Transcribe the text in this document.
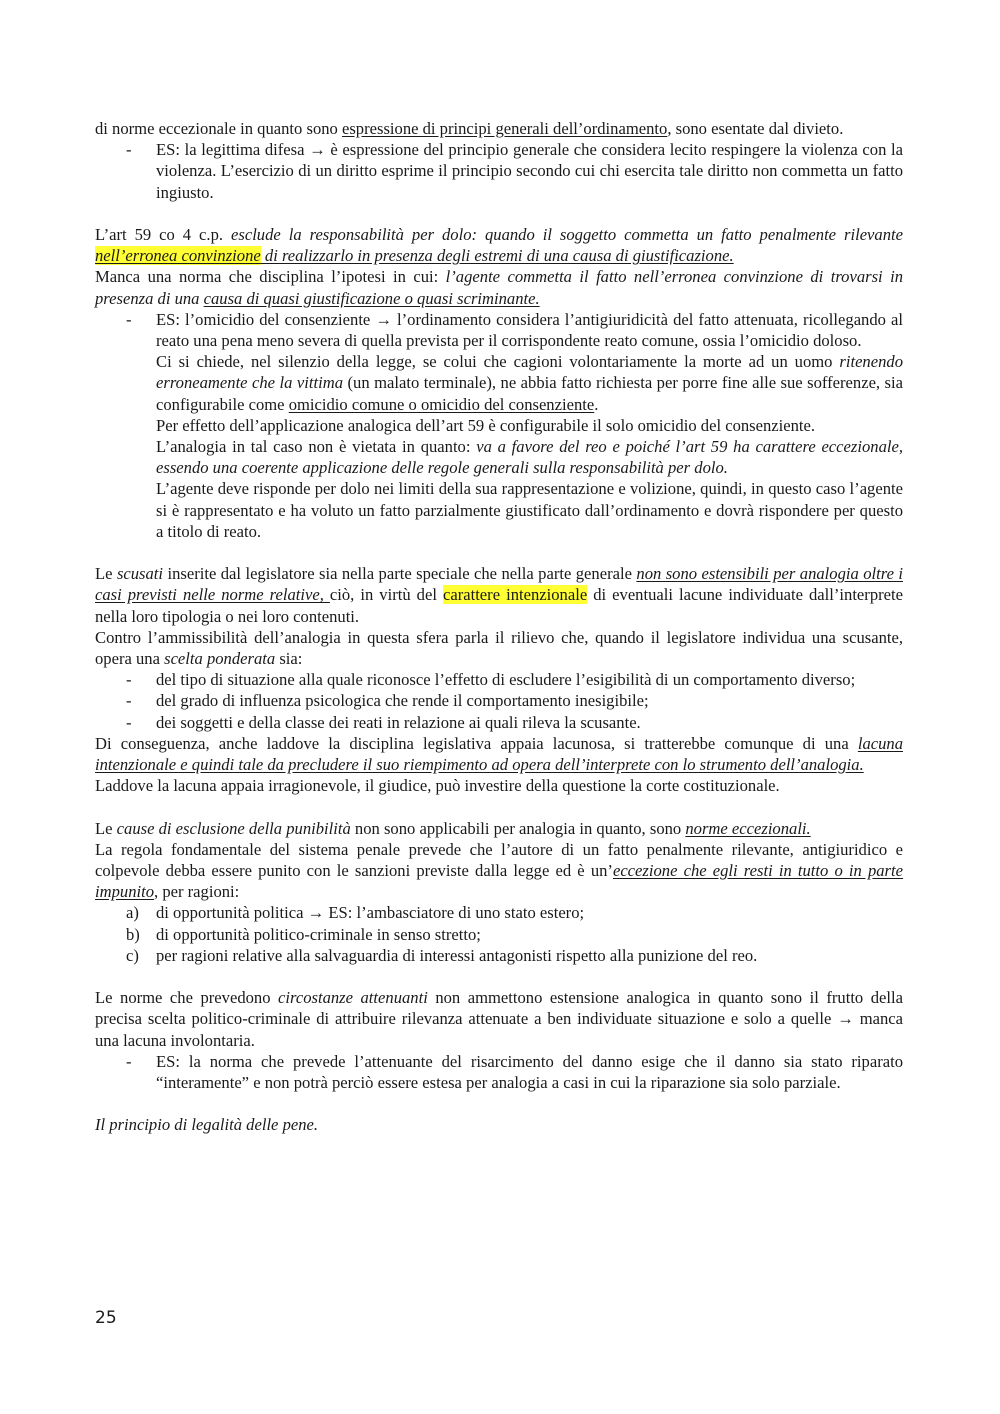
di norme eccezionale in quanto sono espressione di principi generali dell’ordinamento, sono esentate dal divieto.

- ES: la legittima difesa → è espressione del principio generale che considera lecito respingere la violenza con la violenza. L’esercizio di un diritto esprime il principio secondo cui chi esercita tale diritto non commetta un fatto ingiusto.

L’art 59 co 4 c.p. esclude la responsabilità per dolo: quando il soggetto commetta un fatto penalmente rilevante nell’erronea convinzione di realizzarlo in presenza degli estremi di una causa di giustificazione.

Manca una norma che disciplina l’ipotesi in cui: l’agente commetta il fatto nell’erronea convinzione di trovarsi in presenza di una causa di quasi giustificazione o quasi scriminante.

- ES: l’omicidio del consenziente → l’ordinamento considera l’antigiuridicità del fatto attenuata, ricollegando al reato una pena meno severa di quella prevista per il corrispondente reato comune, ossia l’omicidio doloso.
Ci si chiede, nel silenzio della legge, se colui che cagioni volontariamente la morte ad un uomo ritenendo erroneamente che la vittima (un malato terminale), ne abbia fatto richiesta per porre fine alle sue sofferenze, sia configurabile come omicidio comune o omicidio del consenziente.
Per effetto dell’applicazione analogica dell’art 59 è configurabile il solo omicidio del consenziente.
L’analogia in tal caso non è vietata in quanto: va a favore del reo e poiché l’art 59 ha carattere eccezionale, essendo una coerente applicazione delle regole generali sulla responsabilità per dolo.
L’agente deve risponde per dolo nei limiti della sua rappresentazione e volizione, quindi, in questo caso l’agente si è rappresentato e ha voluto un fatto parzialmente giustificato dall’ordinamento e dovrà rispondere per questo a titolo di reato.

Le scusati inserite dal legislatore sia nella parte speciale che nella parte generale non sono estensibili per analogia oltre i casi previsti nelle norme relative, ciò, in virtù del carattere intenzionale di eventuali lacune individuate dall’interprete nella loro tipologia o nei loro contenuti.

Contro l’ammissibilità dell’analogia in questa sfera parla il rilievo che, quando il legislatore individua una scusante, opera una scelta ponderata sia:

- del tipo di situazione alla quale riconosce l’effetto di escludere l’esigibilità di un comportamento diverso;
- del grado di influenza psicologica che rende il comportamento inesigibile;
- dei soggetti e della classe dei reati in relazione ai quali rileva la scusante.

Di conseguenza, anche laddove la disciplina legislativa appaia lacunosa, si tratterebbe comunque di una lacuna intenzionale e quindi tale da precludere il suo riempimento ad opera dell’interprete con lo strumento dell’analogia.

Laddove la lacuna appaia irragionevole, il giudice, può investire della questione la corte costituzionale.

Le cause di esclusione della punibilità non sono applicabili per analogia in quanto, sono norme eccezionali.

La regola fondamentale del sistema penale prevede che l’autore di un fatto penalmente rilevante, antigiuridico e colpevole debba essere punito con le sanzioni previste dalla legge ed è un’eccezione che egli resti in tutto o in parte impunito, per ragioni:

a) di opportunità politica → ES: l’ambasciatore di uno stato estero;
b) di opportunità politico-criminale in senso stretto;
c) per ragioni relative alla salvaguardia di interessi antagonisti rispetto alla punizione del reo.

Le norme che prevedono circostanze attenuanti non ammettono estensione analogica in quanto sono il frutto della precisa scelta politico-criminale di attribuire rilevanza attenuate a ben individuate situazione e solo a quelle → manca una lacuna involontaria.

- ES: la norma che prevede l’attenuante del risarcimento del danno esige che il danno sia stato riparato “interamente” e non potrà perciò essere estesa per analogia a casi in cui la riparazione sia solo parziale.

Il principio di legalità delle pene.

25
